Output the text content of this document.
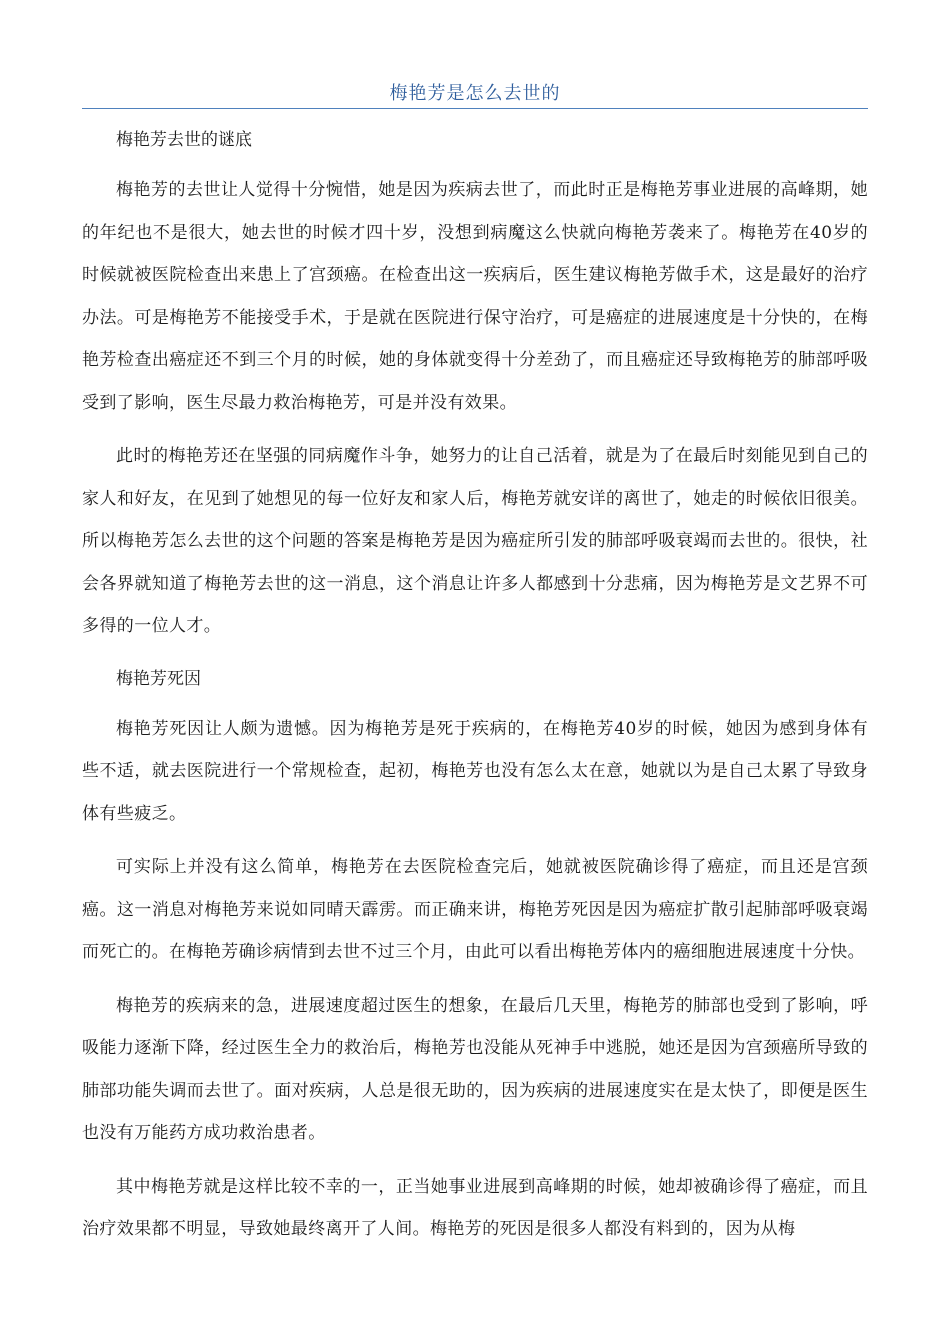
梅艳芳是怎么去世的
梅艳芳去世的谜底

梅艳芳的去世让人觉得十分惋惜，她是因为疾病去世了，而此时正是梅艳芳事业进展的高峰期，她的年纪也不是很大，她去世的时候才四十岁，没想到病魔这么快就向梅艳芳袭来了。梅艳芳在40岁的时候就被医院检查出来患上了宫颈癌。在检查出这一疾病后，医生建议梅艳芳做手术，这是最好的治疗办法。可是梅艳芳不能接受手术，于是就在医院进行保守治疗，可是癌症的进展速度是十分快的，在梅艳芳检查出癌症还不到三个月的时候，她的身体就变得十分差劲了，而且癌症还导致梅艳芳的肺部呼吸受到了影响，医生尽最力救治梅艳芳，可是并没有效果。

此时的梅艳芳还在坚强的同病魔作斗争，她努力的让自己活着，就是为了在最后时刻能见到自己的家人和好友，在见到了她想见的每一位好友和家人后，梅艳芳就安详的离世了，她走的时候依旧很美。所以梅艳芳怎么去世的这个问题的答案是梅艳芳是因为癌症所引发的肺部呼吸衰竭而去世的。很快，社会各界就知道了梅艳芳去世的这一消息，这个消息让许多人都感到十分悲痛，因为梅艳芳是文艺界不可多得的一位人才。

梅艳芳死因

梅艳芳死因让人颇为遗憾。因为梅艳芳是死于疾病的，在梅艳芳40岁的时候，她因为感到身体有些不适，就去医院进行一个常规检查，起初，梅艳芳也没有怎么太在意，她就以为是自己太累了导致身体有些疲乏。

可实际上并没有这么简单，梅艳芳在去医院检查完后，她就被医院确诊得了癌症，而且还是宫颈癌。这一消息对梅艳芳来说如同晴天霹雳。而正确来讲，梅艳芳死因是因为癌症扩散引起肺部呼吸衰竭而死亡的。在梅艳芳确诊病情到去世不过三个月，由此可以看出梅艳芳体内的癌细胞进展速度十分快。

梅艳芳的疾病来的急，进展速度超过医生的想象，在最后几天里，梅艳芳的肺部也受到了影响，呼吸能力逐渐下降，经过医生全力的救治后，梅艳芳也没能从死神手中逃脱，她还是因为宫颈癌所导致的肺部功能失调而去世了。面对疾病，人总是很无助的，因为疾病的进展速度实在是太快了，即便是医生也没有万能药方成功救治患者。

其中梅艳芳就是这样比较不幸的一，正当她事业进展到高峰期的时候，她却被确诊得了癌症，而且治疗效果都不明显，导致她最终离开了人间。梅艳芳的死因是很多人都没有料到的，因为从梅
